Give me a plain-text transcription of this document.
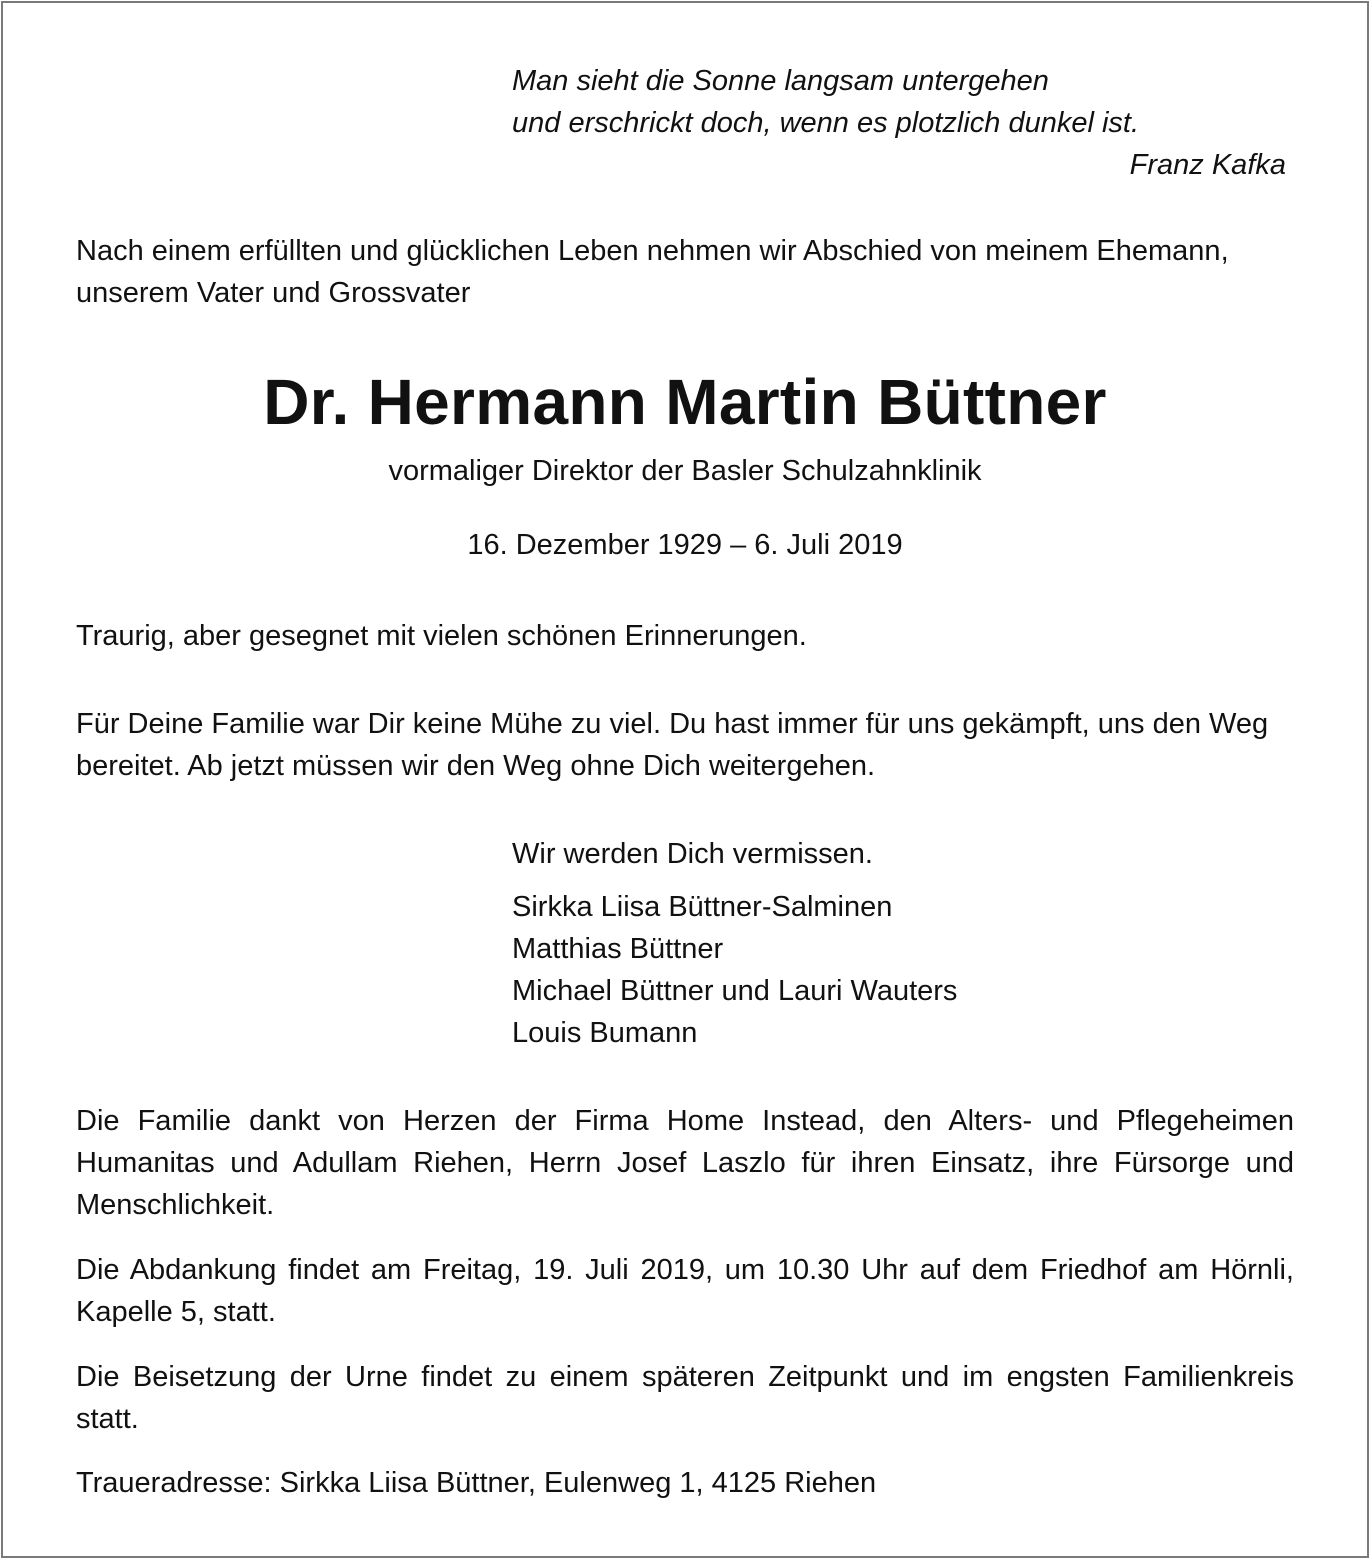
Man sieht die Sonne langsam untergehen
und erschrickt doch, wenn es plotzlich dunkel ist.
Franz Kafka
Nach einem erfüllten und glücklichen Leben nehmen wir Abschied von meinem Ehemann, unserem Vater und Grossvater
Dr. Hermann Martin Büttner
vormaliger Direktor der Basler Schulzahnklinik
16. Dezember 1929 – 6. Juli 2019
Traurig, aber gesegnet mit vielen schönen Erinnerungen.
Für Deine Familie war Dir keine Mühe zu viel. Du hast immer für uns gekämpft, uns den Weg bereitet. Ab jetzt müssen wir den Weg ohne Dich weitergehen.
Wir werden Dich vermissen.
Sirkka Liisa Büttner-Salminen
Matthias Büttner
Michael Büttner und Lauri Wauters
Louis Bumann
Die Familie dankt von Herzen der Firma Home Instead, den Alters- und Pflegeheimen Humanitas und Adullam Riehen, Herrn Josef Laszlo für ihren Einsatz, ihre Fürsorge und Menschlichkeit.
Die Abdankung findet am Freitag, 19. Juli 2019, um 10.30 Uhr auf dem Friedhof am Hörnli, Kapelle 5, statt.
Die Beisetzung der Urne findet zu einem späteren Zeitpunkt und im engsten Familienkreis statt.
Traueradresse: Sirkka Liisa Büttner, Eulenweg 1, 4125 Riehen
